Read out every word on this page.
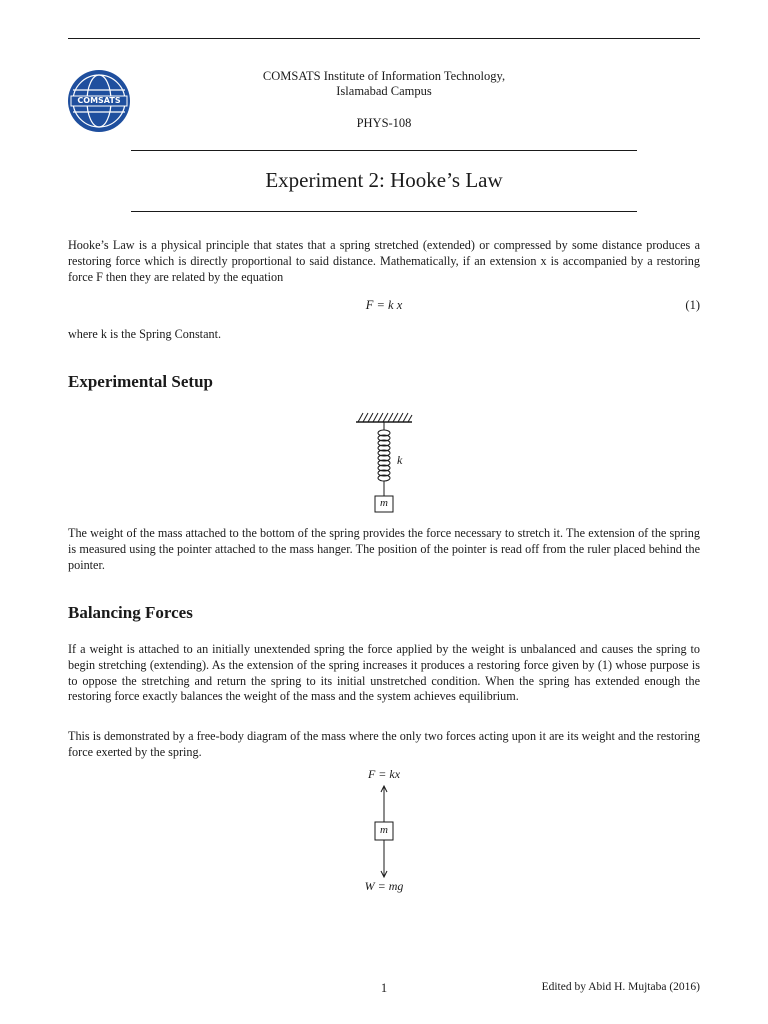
COMSATS
COMSATS Institute of Information Technology,
Islamabad Campus
PHYS-108
Experiment 2: Hooke’s Law
Hooke’s Law is a physical principle that states that a spring stretched (extended) or compressed by some distance produces a restoring force which is directly proportional to said distance. Mathematically, if an extension x is accompanied by a restoring force F then they are related by the equation
F = k x	(1)
where k is the Spring Constant.
Experimental Setup
k
m
The weight of the mass attached to the bottom of the spring provides the force necessary to stretch it. The extension of the spring is measured using the pointer attached to the mass hanger. The position of the pointer is read off from the ruler placed behind the pointer.
Balancing Forces
If a weight is attached to an initially unextended spring the force applied by the weight is unbalanced and causes the spring to begin stretching (extending). As the extension of the spring increases it produces a restoring force given by (1) whose purpose is to oppose the stretching and return the spring to its initial unstretched condition. When the spring has extended enough the restoring force exactly balances the weight of the mass and the system achieves equilibrium.
This is demonstrated by a free-body diagram of the mass where the only two forces acting upon it are its weight and the restoring force exerted by the spring.
F = kx
m
W = mg
1	Edited by Abid H. Mujtaba (2016)
